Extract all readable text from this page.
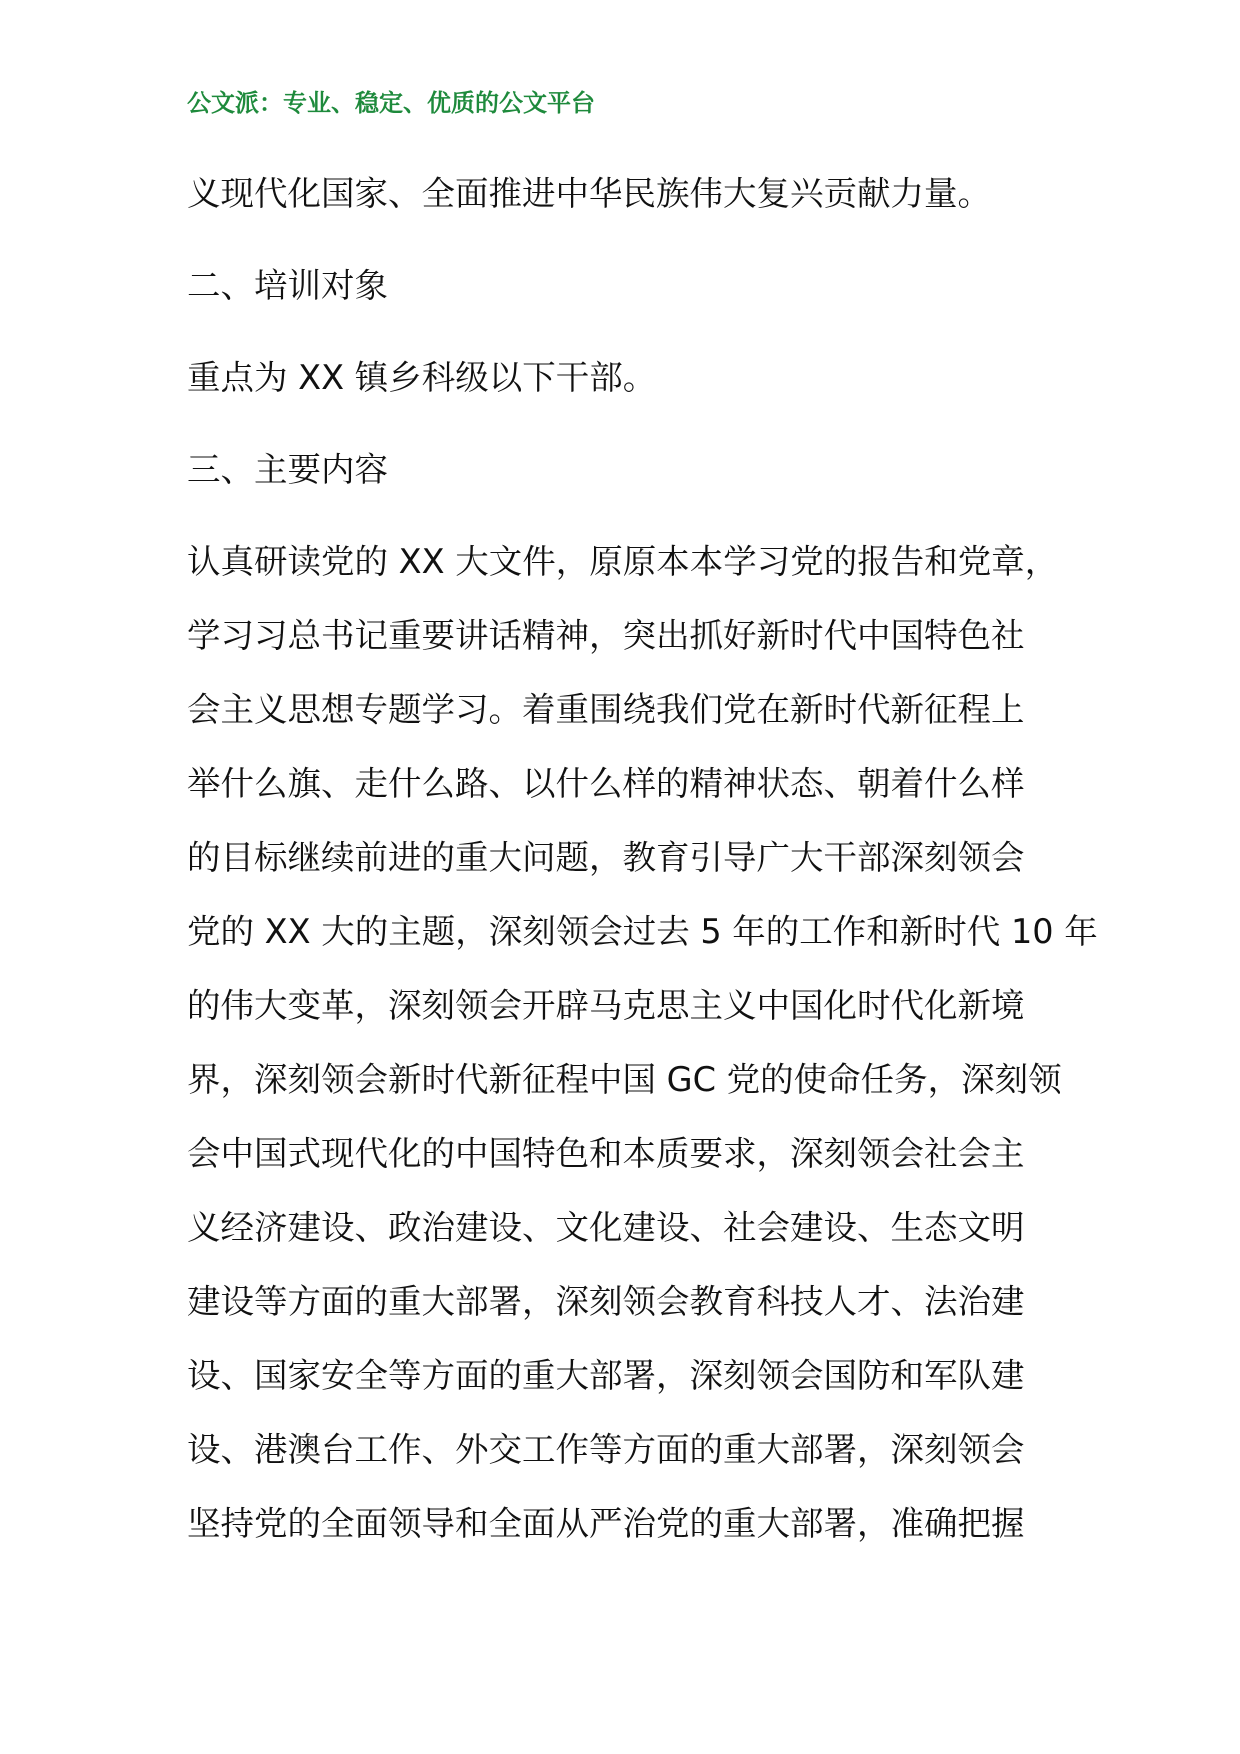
公文派：专业、稳定、优质的公文平台
义现代化国家、全面推进中华民族伟大复兴贡献力量。
二、培训对象
重点为 XX 镇乡科级以下干部。
三、主要内容
认真研读党的 XX 大文件，原原本本学习党的报告和党章，
学习习总书记重要讲话精神，突出抓好新时代中国特色社
会主义思想专题学习。着重围绕我们党在新时代新征程上
举什么旗、走什么路、以什么样的精神状态、朝着什么样
的目标继续前进的重大问题，教育引导广大干部深刻领会
党的 XX 大的主题，深刻领会过去 5 年的工作和新时代 10 年
的伟大变革，深刻领会开辟马克思主义中国化时代化新境
界，深刻领会新时代新征程中国 GC 党的使命任务，深刻领
会中国式现代化的中国特色和本质要求，深刻领会社会主
义经济建设、政治建设、文化建设、社会建设、生态文明
建设等方面的重大部署，深刻领会教育科技人才、法治建
设、国家安全等方面的重大部署，深刻领会国防和军队建
设、港澳台工作、外交工作等方面的重大部署，深刻领会
坚持党的全面领导和全面从严治党的重大部署，准确把握
